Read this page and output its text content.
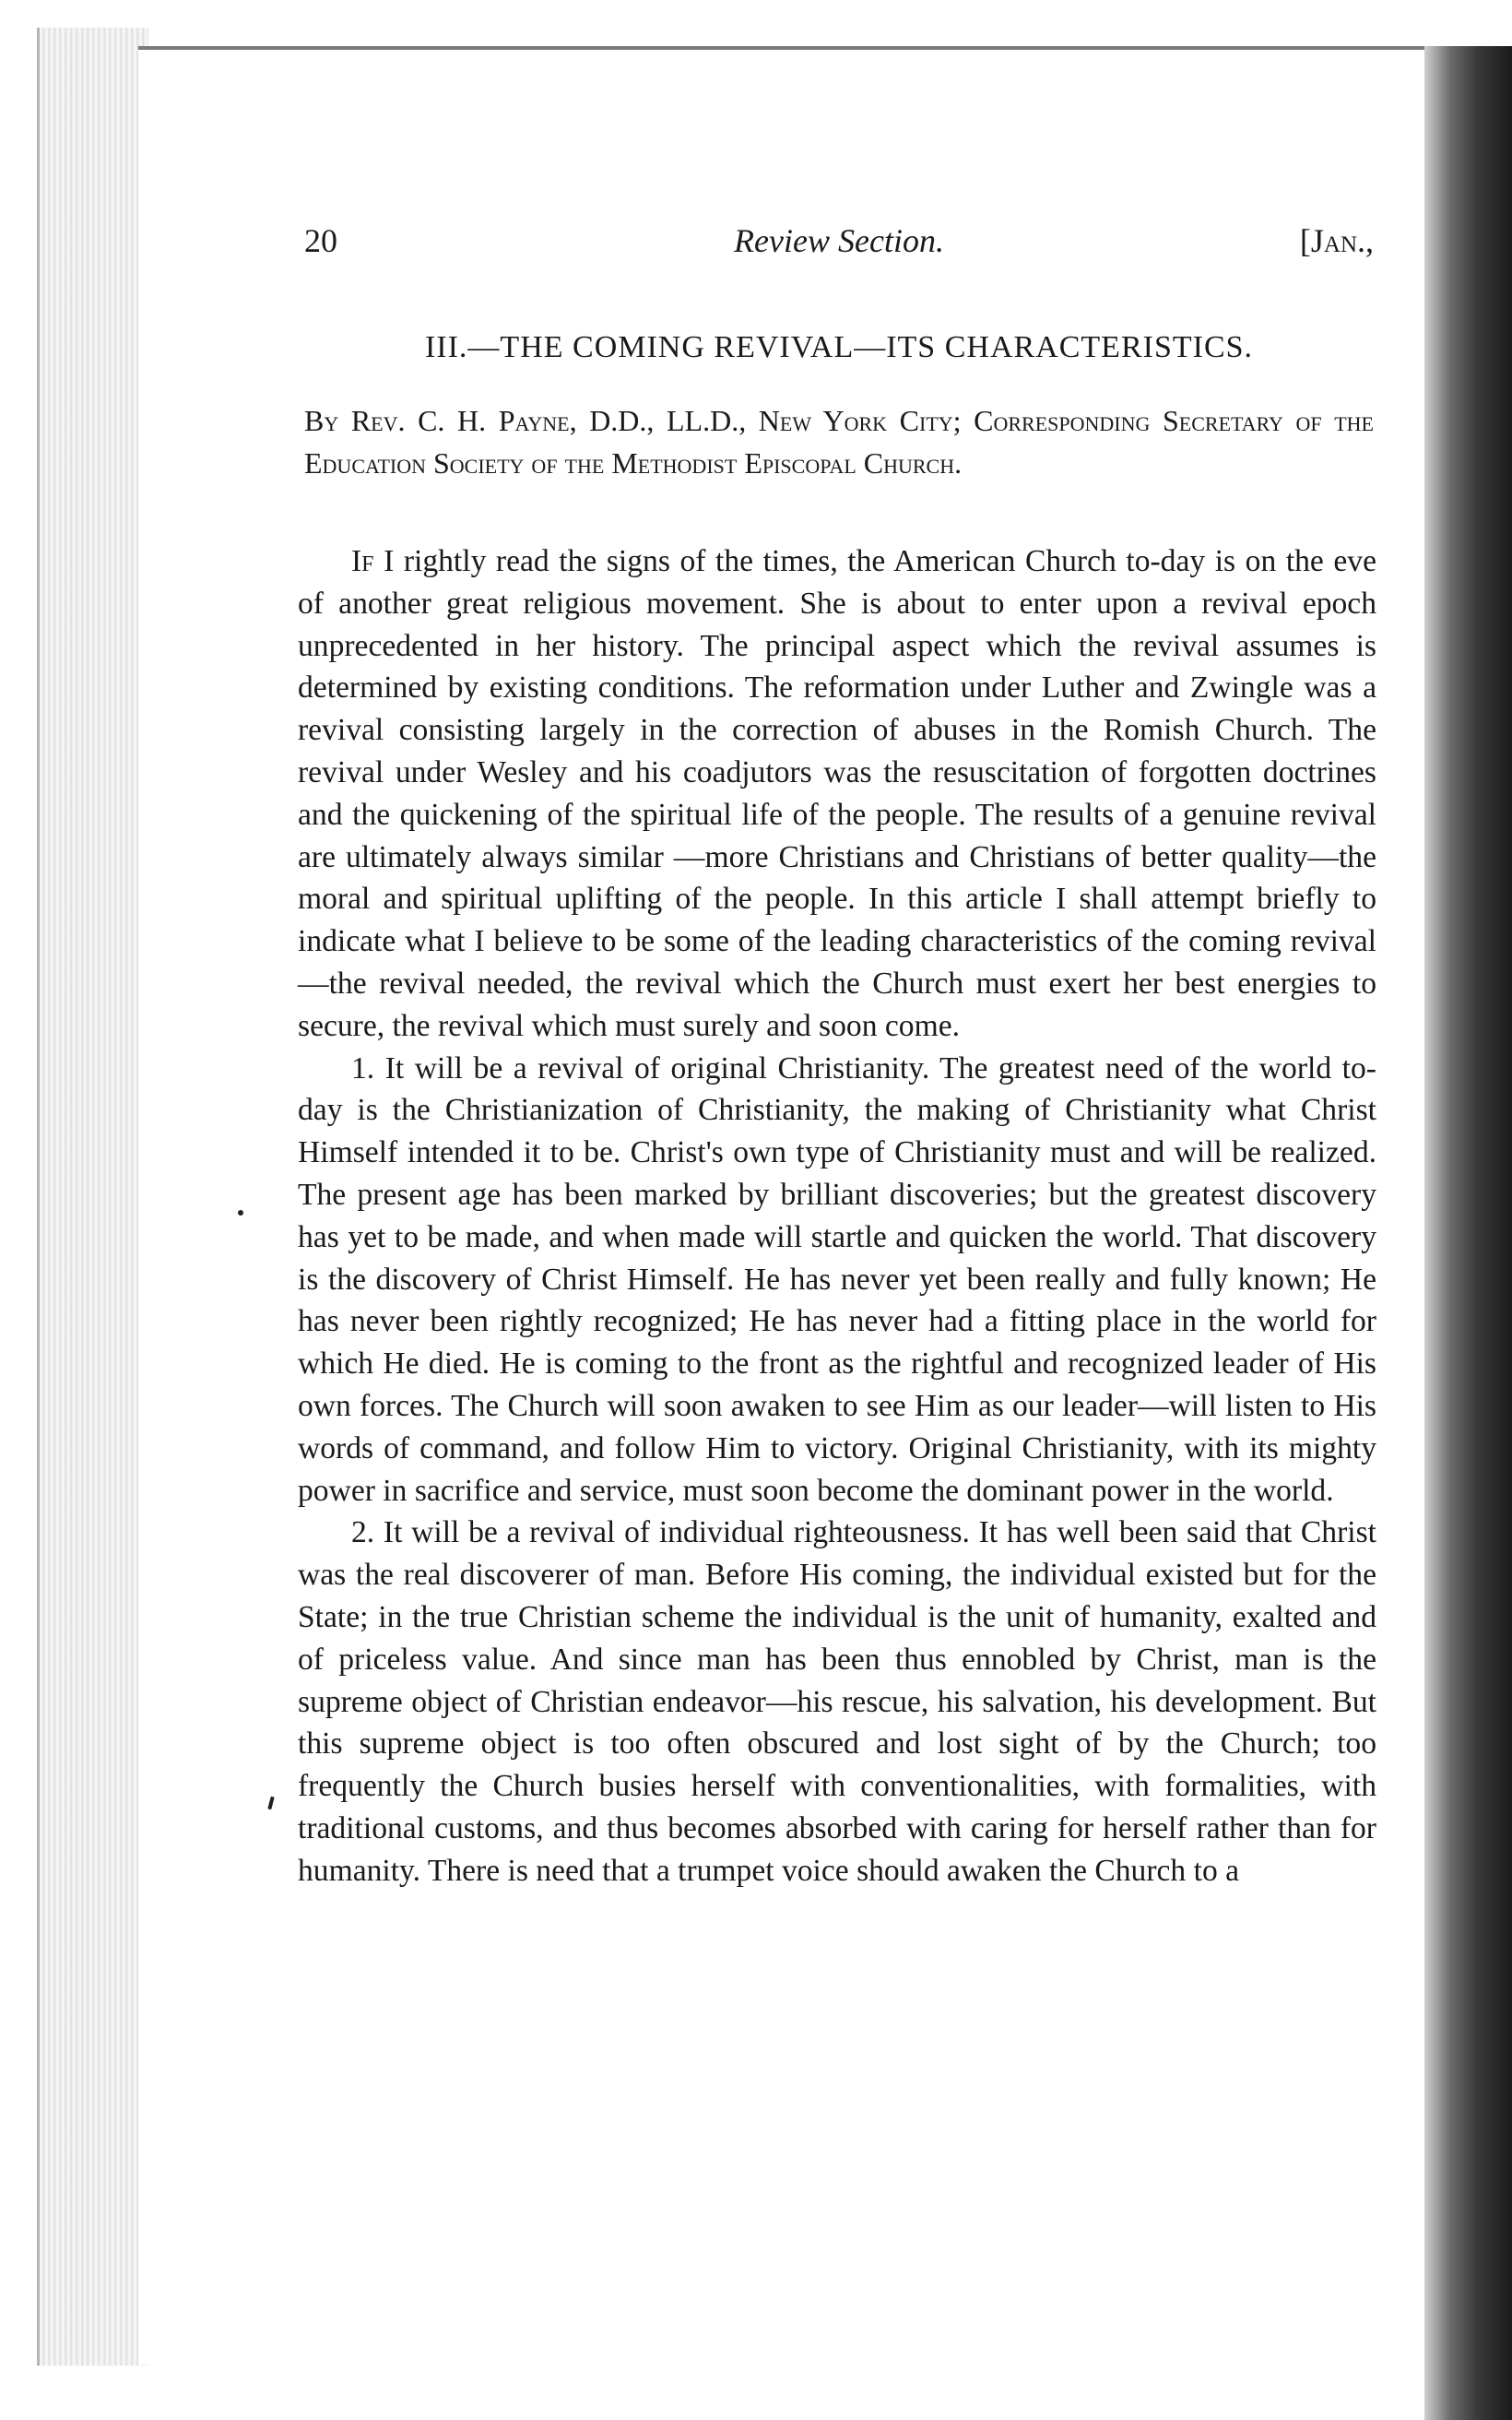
20	Review Section.	[Jan.,
III.—THE COMING REVIVAL—ITS CHARACTERISTICS.
By Rev. C. H. Payne, D.D., LL.D., New York City; Corresponding Secretary of the Education Society of the Methodist Episcopal Church.

If I rightly read the signs of the times, the American Church to-day is on the eve of another great religious movement. She is about to enter upon a revival epoch unprecedented in her history. The principal aspect which the revival assumes is determined by existing conditions. The reformation under Luther and Zwingle was a revival consisting largely in the correction of abuses in the Romish Church. The revival under Wesley and his coadjutors was the resuscitation of forgotten doctrines and the quickening of the spiritual life of the people. The results of a genuine revival are ultimately always similar —more Christians and Christians of better quality—the moral and spiritual uplifting of the people. In this article I shall attempt briefly to indicate what I believe to be some of the leading characteristics of the coming revival—the revival needed, the revival which the Church must exert her best energies to secure, the revival which must surely and soon come.

1. It will be a revival of original Christianity. The greatest need of the world to-day is the Christianization of Christianity, the making of Christianity what Christ Himself intended it to be. Christ's own type of Christianity must and will be realized. The present age has been marked by brilliant discoveries; but the greatest discovery has yet to be made, and when made will startle and quicken the world. That discovery is the discovery of Christ Himself. He has never yet been really and fully known; He has never been rightly recognized; He has never had a fitting place in the world for which He died. He is coming to the front as the rightful and recognized leader of His own forces. The Church will soon awaken to see Him as our leader—will listen to His words of command, and follow Him to victory. Original Christianity, with its mighty power in sacrifice and service, must soon become the dominant power in the world.

2. It will be a revival of individual righteousness. It has well been said that Christ was the real discoverer of man. Before His coming, the individual existed but for the State; in the true Christian scheme the individual is the unit of humanity, exalted and of priceless value. And since man has been thus ennobled by Christ, man is the supreme object of Christian endeavor—his rescue, his salvation, his development. But this supreme object is too often obscured and lost sight of by the Church; too frequently the Church busies herself with conventionalities, with formalities, with traditional customs, and thus becomes absorbed with caring for herself rather than for humanity. There is need that a trumpet voice should awaken the Church to a
